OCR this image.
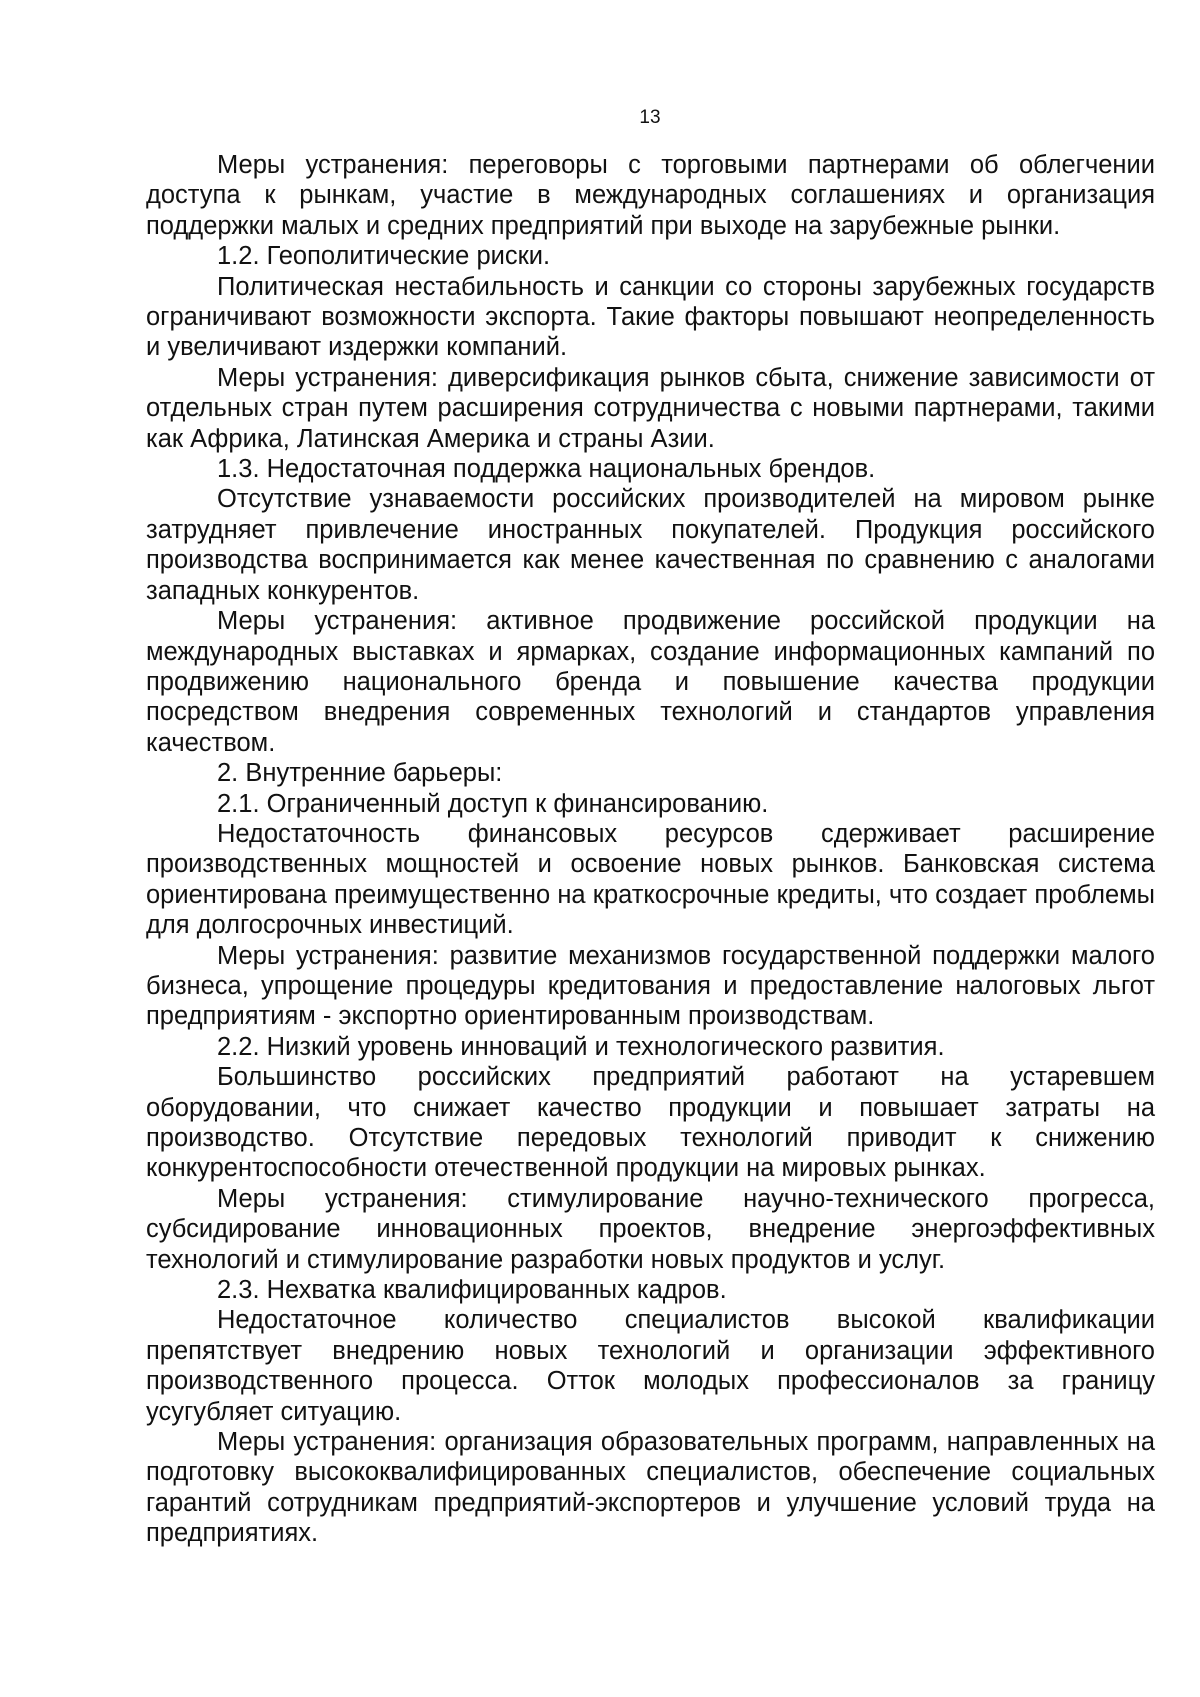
13

Меры устранения: переговоры с торговыми партнерами об облегчении доступа к рынкам, участие в международных соглашениях и организация поддержки малых и средних предприятий при выходе на зарубежные рынки.

1.2. Геополитические риски.

Политическая нестабильность и санкции со стороны зарубежных государств ограничивают возможности экспорта. Такие факторы повышают неопределенность и увеличивают издержки компаний.

Меры устранения: диверсификация рынков сбыта, снижение зависимости от отдельных стран путем расширения сотрудничества с новыми партнерами, такими как Африка, Латинская Америка и страны Азии.

1.3. Недостаточная поддержка национальных брендов.

Отсутствие узнаваемости российских производителей на мировом рынке затрудняет привлечение иностранных покупателей. Продукция российского производства воспринимается как менее качественная по сравнению с аналогами западных конкурентов.

Меры устранения: активное продвижение российской продукции на международных выставках и ярмарках, создание информационных кампаний по продвижению национального бренда и повышение качества продукции посредством внедрения современных технологий и стандартов управления качеством.

2. Внутренние барьеры:

2.1. Ограниченный доступ к финансированию.

Недостаточность финансовых ресурсов сдерживает расширение производственных мощностей и освоение новых рынков. Банковская система ориентирована преимущественно на краткосрочные кредиты, что создает проблемы для долгосрочных инвестиций.

Меры устранения: развитие механизмов государственной поддержки малого бизнеса, упрощение процедуры кредитования и предоставление налоговых льгот предприятиям - экспортно ориентированным производствам.

2.2. Низкий уровень инноваций и технологического развития.

Большинство российских предприятий работают на устаревшем оборудовании, что снижает качество продукции и повышает затраты на производство. Отсутствие передовых технологий приводит к снижению конкурентоспособности отечественной продукции на мировых рынках.

Меры устранения: стимулирование научно-технического прогресса, субсидирование инновационных проектов, внедрение энергоэффективных технологий и стимулирование разработки новых продуктов и услуг.

2.3. Нехватка квалифицированных кадров.

Недостаточное количество специалистов высокой квалификации препятствует внедрению новых технологий и организации эффективного производственного процесса. Отток молодых профессионалов за границу усугубляет ситуацию.

Меры устранения: организация образовательных программ, направленных на подготовку высококвалифицированных специалистов, обеспечение социальных гарантий сотрудникам предприятий-экспортеров и улучшение условий труда на предприятиях.
